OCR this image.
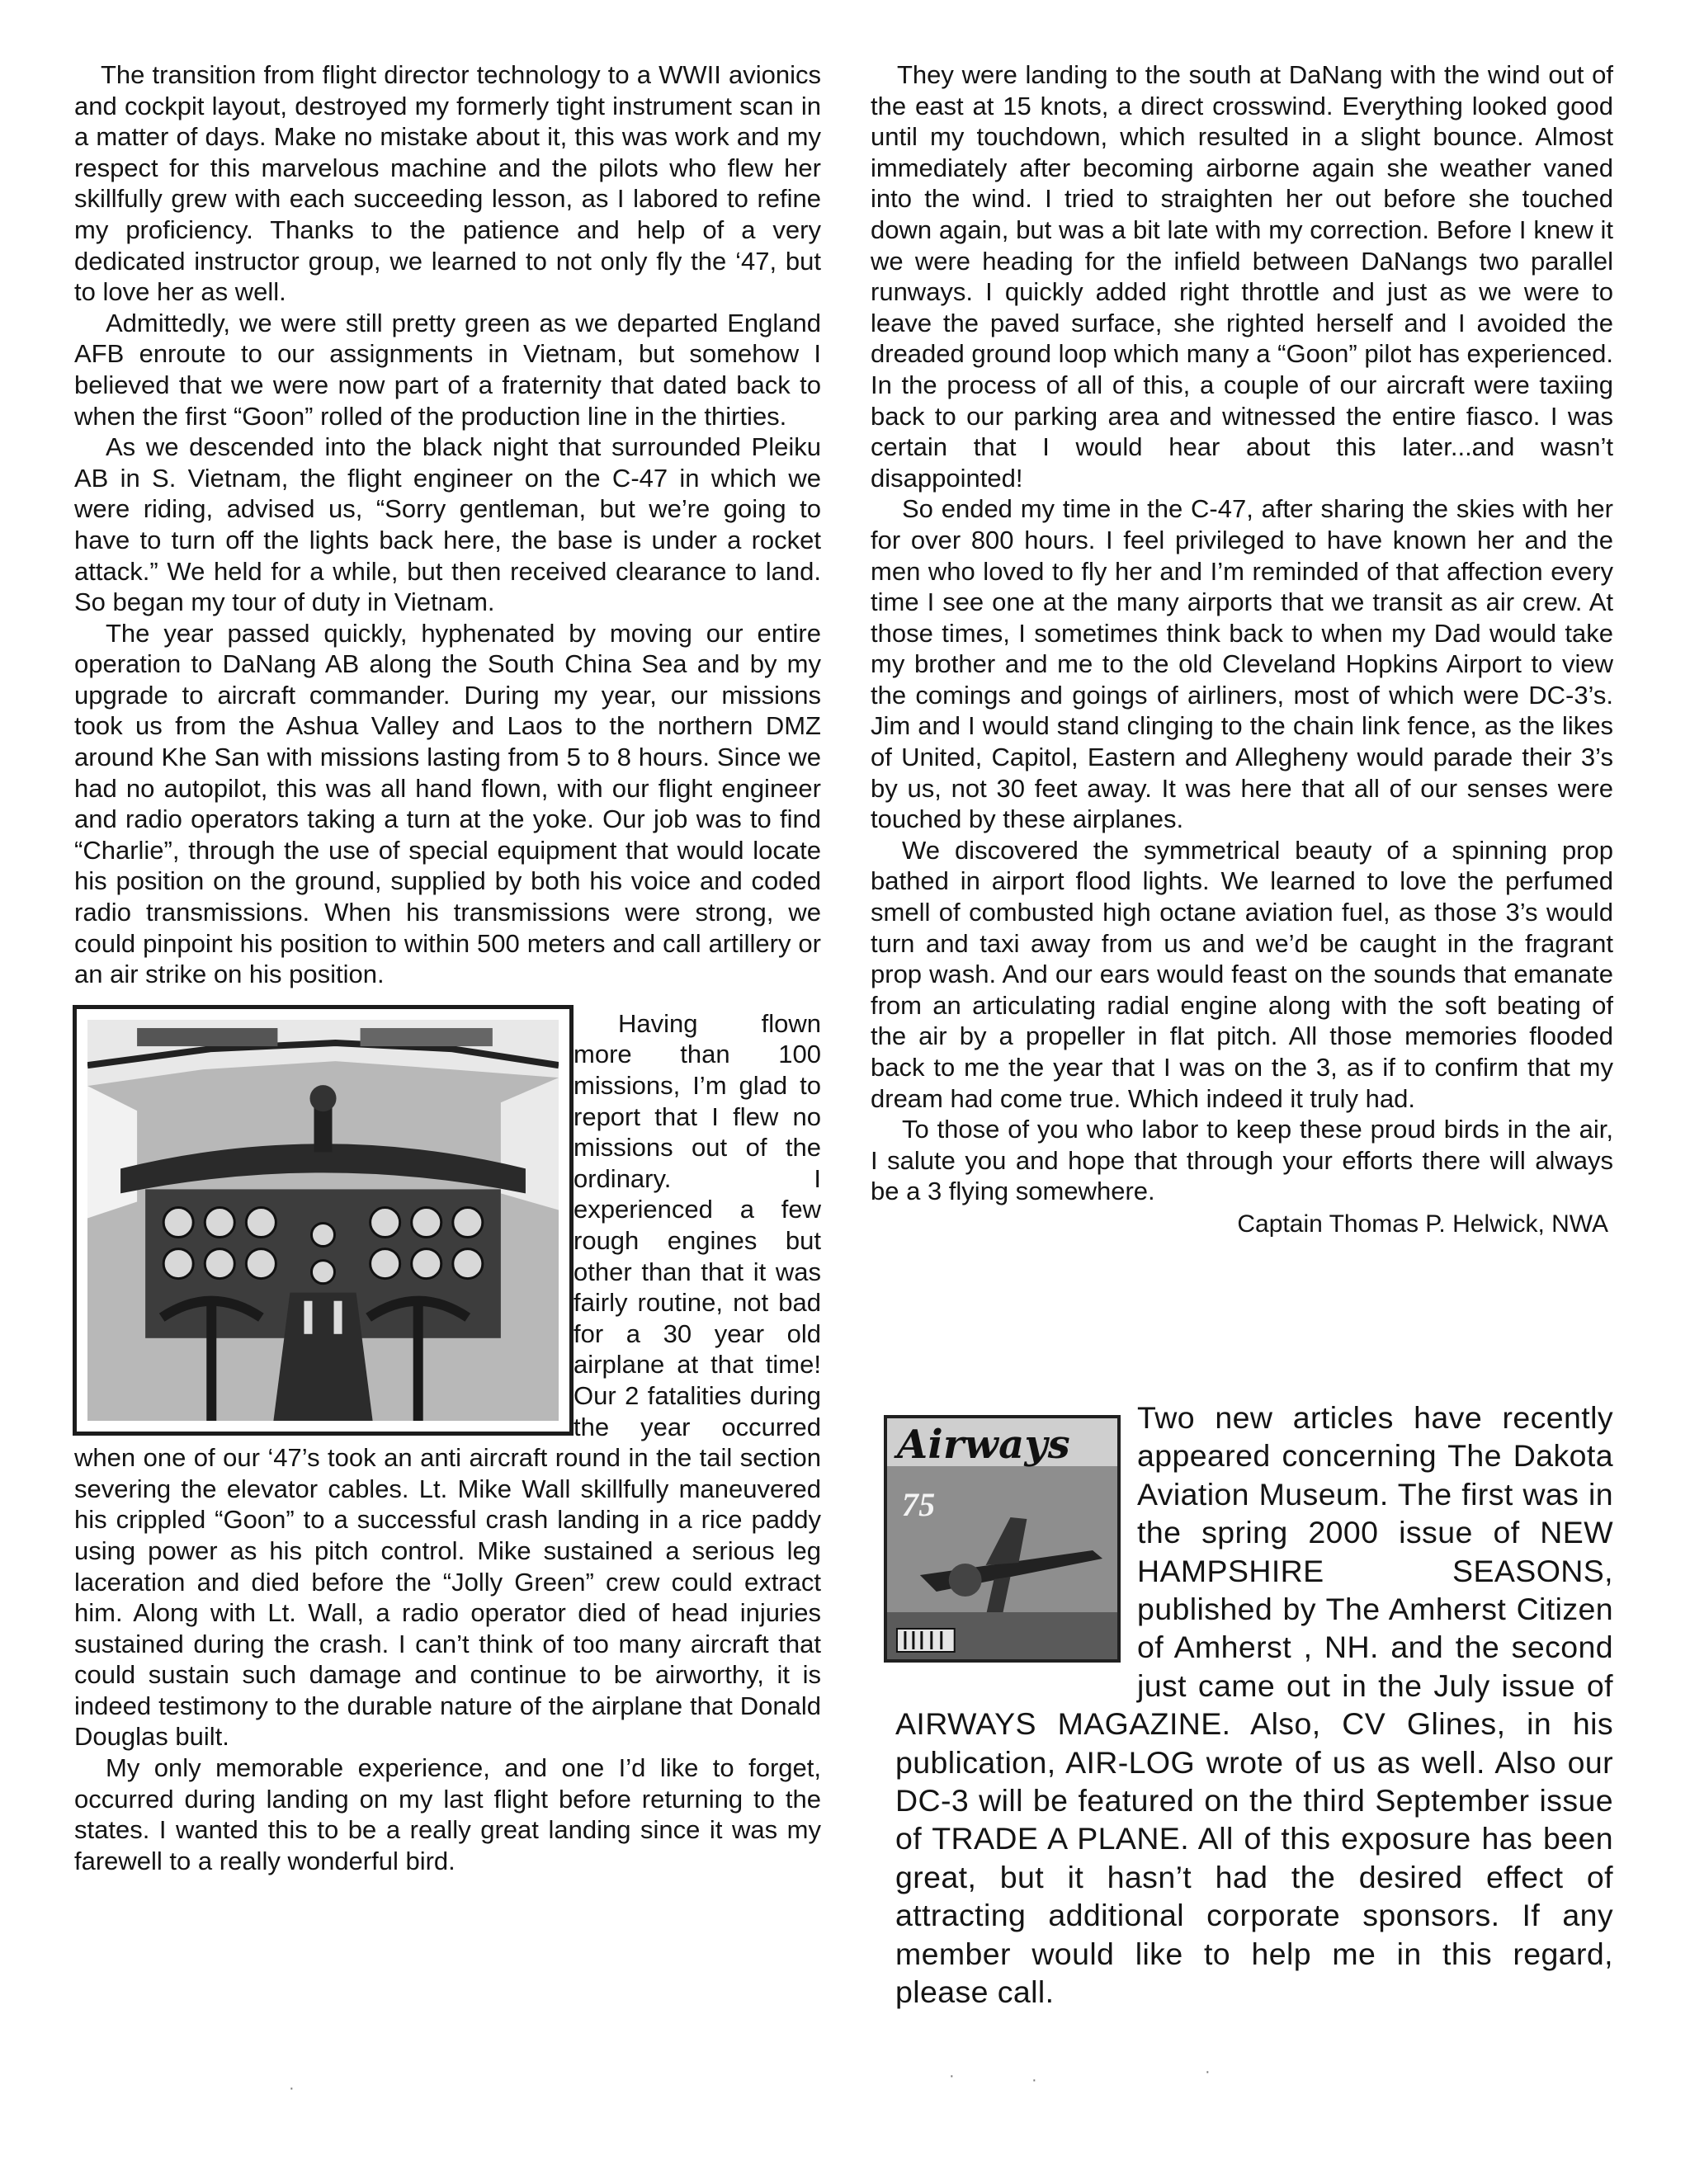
The transition from flight director technology to a WWII avionics and cockpit layout, destroyed my formerly tight instrument scan in a matter of days. Make no mistake about it, this was work and my respect for this marvelous machine and the pilots who flew her skillfully grew with each succeeding lesson, as I labored to refine my proficiency. Thanks to the patience and help of a very dedicated instructor group, we learned to not only fly the ‘47, but to love her as well.

Admittedly, we were still pretty green as we departed England AFB enroute to our assignments in Vietnam, but somehow I believed that we were now part of a fraternity that dated back to when the first “Goon” rolled of the production line in the thirties.

As we descended into the black night that surrounded Pleiku AB in S. Vietnam, the flight engineer on the C-47 in which we were riding, advised us, “Sorry gentleman, but we’re going to have to turn off the lights back here, the base is under a rocket attack.” We held for a while, but then received clearance to land. So began my tour of duty in Vietnam.

The year passed quickly, hyphenated by moving our entire operation to DaNang AB along the South China Sea and by my upgrade to aircraft commander. During my year, our missions took us from the Ashua Valley and Laos to the northern DMZ around Khe San with missions lasting from 5 to 8 hours. Since we had no autopilot, this was all hand flown, with our flight engineer and radio operators taking a turn at the yoke. Our job was to find “Charlie”, through the use of special equipment that would locate his position on the ground, supplied by both his voice and coded radio transmissions. When his transmissions were strong, we could pinpoint his position to within 500 meters and call artillery or an air strike on his position.

Having flown more than 100 missions, I’m glad to report that I flew no missions out of the ordinary. I experienced a few rough engines but other than that it was fairly routine, not bad for a 30 year old airplane at that time! Our 2 fatalities during the year occurred when one of our ‘47’s took an anti aircraft round in the tail section severing the elevator cables. Lt. Mike Wall skillfully maneuvered his crippled “Goon” to a successful crash landing in a rice paddy using power as his pitch control. Mike sustained a serious leg laceration and died before the “Jolly Green” crew could extract him. Along with Lt. Wall, a radio operator died of head injuries sustained during the crash. I can’t think of too many aircraft that could sustain such damage and continue to be airworthy, it is indeed testimony to the durable nature of the airplane that Donald Douglas built.

My only memorable experience, and one I’d like to forget, occurred during landing on my last flight before returning to the states. I wanted this to be a really great landing since it was my farewell to a really wonderful bird.

They were landing to the south at DaNang with the wind out of the east at 15 knots, a direct crosswind. Everything looked good until my touchdown, which resulted in a slight bounce. Almost immediately after becoming airborne again she weather vaned into the wind. I tried to straighten her out before she touched down again, but was a bit late with my correction. Before I knew it we were heading for the infield between DaNangs two parallel runways. I quickly added right throttle and just as we were to leave the paved surface, she righted herself and I avoided the dreaded ground loop which many a “Goon” pilot has experienced. In the process of all of this, a couple of our aircraft were taxiing back to our parking area and witnessed the entire fiasco. I was certain that I would hear about this later...and wasn’t disappointed!

So ended my time in the C-47, after sharing the skies with her for over 800 hours. I feel privileged to have known her and the men who loved to fly her and I’m reminded of that affection every time I see one at the many airports that we transit as air crew. At those times, I sometimes think back to when my Dad would take my brother and me to the old Cleveland Hopkins Airport to view the comings and goings of airliners, most of which were DC-3’s. Jim and I would stand clinging to the chain link fence, as the likes of United, Capitol, Eastern and Allegheny would parade their 3’s by us, not 30 feet away. It was here that all of our senses were touched by these airplanes.

We discovered the symmetrical beauty of a spinning prop bathed in airport flood lights. We learned to love the perfumed smell of combusted high octane aviation fuel, as those 3’s would turn and taxi away from us and we’d be caught in the fragrant prop wash. And our ears would feast on the sounds that emanate from an articulating radial engine along with the soft beating of the air by a propeller in flat pitch. All those memories flooded back to me the year that I was on the 3, as if to confirm that my dream had come true. Which indeed it truly had.

To those of you who labor to keep these proud birds in the air, I salute you and hope that through your efforts there will always be a 3 flying somewhere.

Captain Thomas P. Helwick, NWA
Airways
75

Two new articles have recently appeared concerning The Dakota Aviation Museum. The first was in the spring 2000 issue of NEW HAMPSHIRE SEASONS, published by The Amherst Citizen of Amherst , NH. and the second just came out in the July issue of AIRWAYS MAGAZINE. Also, CV Glines, in his publication, AIR-LOG wrote of us as well. Also our DC-3 will be featured on the third September issue of TRADE A PLANE. All of this exposure has been great, but it hasn’t had the desired effect of attracting additional corporate sponsors. If any member would like to help me in this regard, please call.

·	·	·
·
